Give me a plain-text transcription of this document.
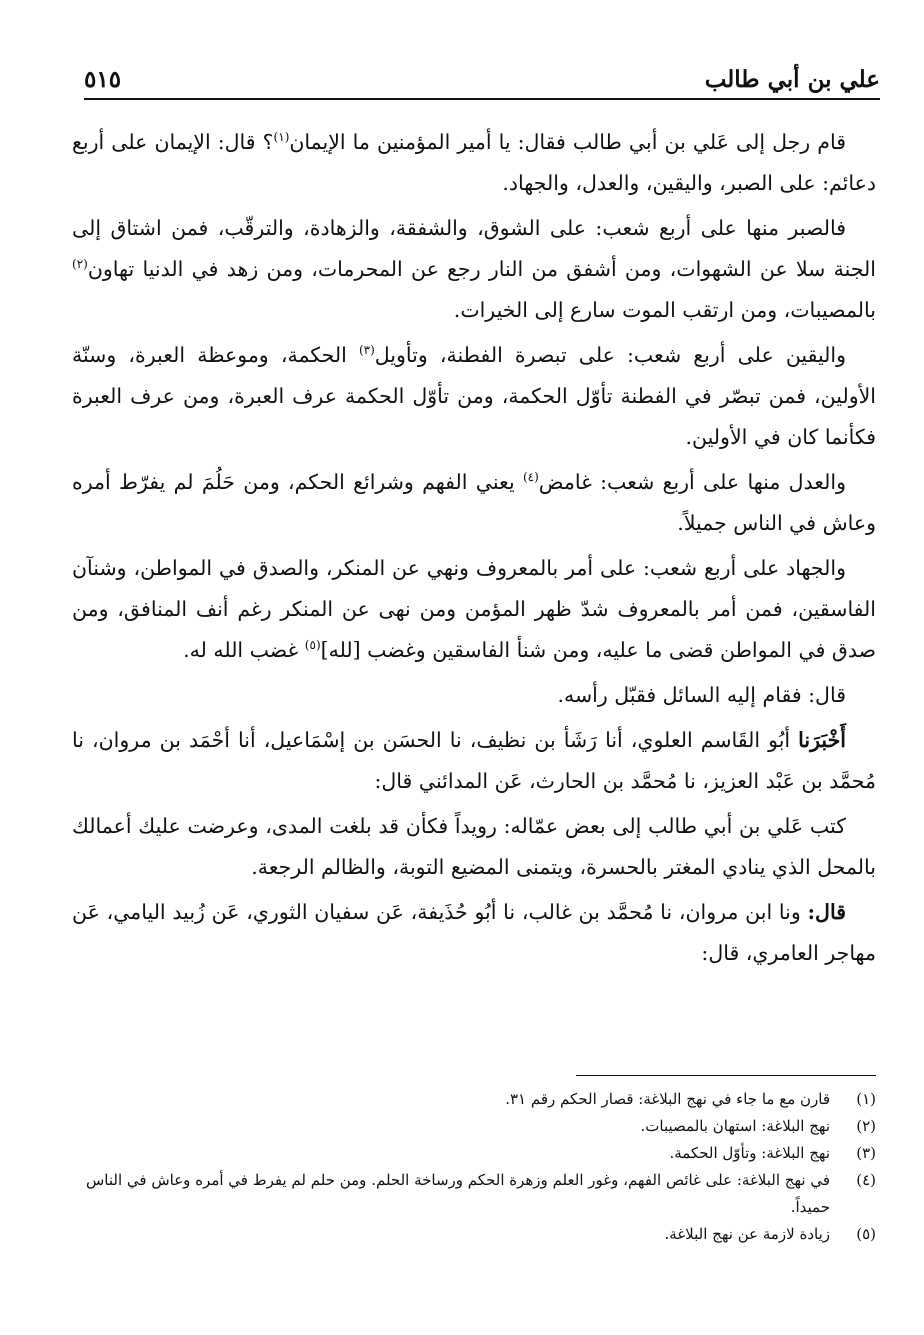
علي بن أبي طالب
٥١٥

قام رجل إلى عَلي بن أبي طالب فقال: يا أمير المؤمنين ما الإيمان$^{(١)}$؟ قال: الإيمان على أربع دعائم: على الصبر، واليقين، والعدل، والجهاد.

فالصبر منها على أربع شعب: على الشوق، والشفقة، والزهادة، والترقّب، فمن اشتاق إلى الجنة سلا عن الشهوات، ومن أشفق من النار رجع عن المحرمات، ومن زهد في الدنيا تهاون$^{(٢)}$ بالمصيبات، ومن ارتقب الموت سارع إلى الخيرات.

واليقين على أربع شعب: على تبصرة الفطنة، وتأويل$^{(٣)}$ الحكمة، وموعظة العبرة، وسنّة الأولين، فمن تبصّر في الفطنة تأوّل الحكمة، ومن تأوّل الحكمة عرف العبرة، ومن عرف العبرة فكأنما كان في الأولين.

والعدل منها على أربع شعب: غامض$^{(٤)}$ يعني الفهم وشرائع الحكم، ومن حَلُمَ لم يفرّط أمره وعاش في الناس جميلاً.

والجهاد على أربع شعب: على أمر بالمعروف ونهي عن المنكر، والصدق في المواطن، وشنآن الفاسقين، فمن أمر بالمعروف شدّ ظهر المؤمن ومن نهى عن المنكر رغم أنف المنافق، ومن صدق في المواطن قضى ما عليه، ومن شنأ الفاسقين وغضب [لله]$^{(٥)}$ غضب الله له.

قال: فقام إليه السائل فقبّل رأسه.

أَخْبَرَنا أبُو القَاسم العلوي، أنا رَشَأ بن نظيف، نا الحسَن بن إسْمَاعيل، أنا أحْمَد بن مروان، نا مُحمَّد بن عَبْد العزيز، نا مُحمَّد بن الحارث، عَن المدائني قال:

كتب عَلي بن أبي طالب إلى بعض عمّاله: رويداً فكأن قد بلغت المدى، وعرضت عليك أعمالك بالمحل الذي ينادي المغتر بالحسرة، ويتمنى المضيع التوبة، والظالم الرجعة.

قال: ونا ابن مروان، نا مُحمَّد بن غالب، نا أبُو حُذَيفة، عَن سفيان الثوري، عَن زُبيد اليامي، عَن مهاجر العامري، قال:

(١)
قارن مع ما جاء في نهج البلاغة: قصار الحكم رقم ٣١.
(٢)
نهج البلاغة: استهان بالمصيبات.
(٣)
نهج البلاغة: وتأوّل الحكمة.
(٤)
في نهج البلاغة: على غائص الفهم، وغور العلم وزهرة الحكم ورساخة الحلم. ومن حلم لم يفرط في أمره وعاش في الناس حميداً.
(٥)
زيادة لازمة عن نهج البلاغة.
